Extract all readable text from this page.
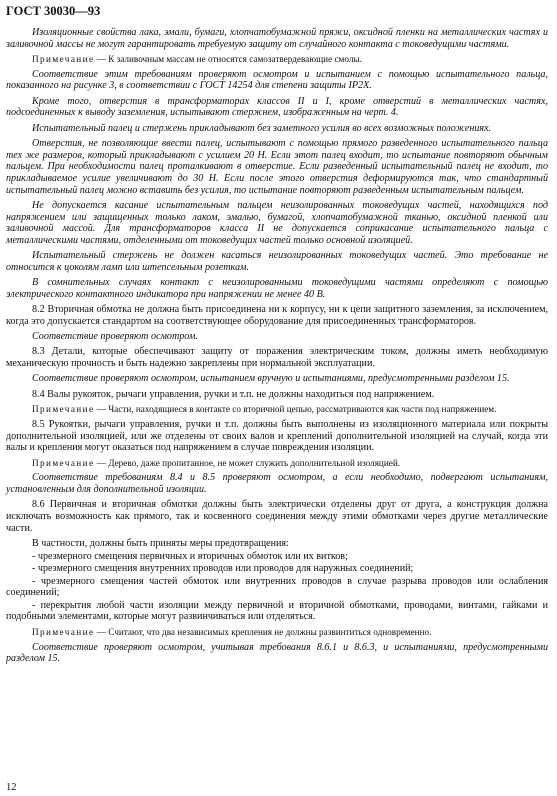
ГОСТ 30030—93

Изоляционные свойства лака, эмали, бумаги, хлопчатобумажной пряжи, оксидной пленки на металлических частях и заливочной массы не могут гарантировать требуемую защиту от случайного контакта с токоведущими частями.

Примечание — К заливочным массам не относятся самозатвердевающие смолы.

Соответствие этим требованиям проверяют осмотром и испытанием с помощью испытательного пальца, показанного на рисунке 3, в соответствии с ГОСТ 14254 для степени защиты IP2X.

Кроме того, отверстия в трансформаторах классов II и I, кроме отверстий в металлических частях, подсоединенных к выводу заземления, испытывают стержнем, изображенным на черт. 4.

Испытательный палец и стержень прикладывают без заметного усилия во всех возможных положениях.

Отверстия, не позволяющие ввести палец, испытывают с помощью прямого разведенного испытательного пальца тех же размеров, который прикладывают с усилием 20 Н. Если этот палец входит, то испытание повторяют обычным пальцем. При необходимости палец проталкивают в отверстие. Если разведенный испытательный палец не входит, то прикладываемое усилие увеличивают до 30 Н. Если после этого отверстия деформируются так, что стандартный испытательный палец можно вставить без усилия, то испытание повторяют разведенным испытательным пальцем.

Не допускается касание испытательным пальцем неизолированных токоведущих частей, находящихся под напряжением или защищенных только лаком, эмалью, бумагой, хлопчатобумажной тканью, оксидной пленкой или заливочной массой. Для трансформаторов класса II не допускается соприкасание испытательного пальца с металлическими частями, отделенными от токоведущих частей только основной изоляцией.

Испытательный стержень не должен касаться неизолированных токоведущих частей. Это требование не относится к цоколям ламп или штепсельным розеткам.

В сомнительных случаях контакт с неизолированными токоведущими частями определяют с помощью электрического контактного индикатора при напряжении не менее 40 В.

8.2 Вторичная обмотка не должна быть присоединена ни к корпусу, ни к цепи защитного заземления, за исключением, когда это допускается стандартом на соответствующее оборудование для присоединенных трансформаторов.

Соответствие проверяют осмотром.

8.3 Детали, которые обеспечивают защиту от поражения электрическим током, должны иметь необходимую механическую прочность и быть надежно закреплены при нормальной эксплуатации.

Соответствие проверяют осмотром, испытанием вручную и испытаниями, предусмотренными разделом 15.

8.4 Валы рукояток, рычаги управления, ручки и т.п. не должны находиться под напряжением.

Примечание — Части, находящиеся в контакте со вторичной цепью, рассматриваются как части под напряжением.

8.5 Рукоятки, рычаги управления, ручки и т.п. должны быть выполнены из изоляционного материала или покрыты дополнительной изоляцией, или же отделены от своих валов и креплений дополнительной изоляцией на случай, когда эти валы и крепления могут оказаться под напряжением в случае повреждения изоляции.

Примечание — Дерево, даже пропитанное, не может служить дополнительной изоляцией.

Соответствие требованиям 8.4 и 8.5 проверяют осмотром, а если необходимо, подвергают испытаниям, установленным для дополнительной изоляции.

8.6 Первичная и вторичная обмотки должны быть электрически отделены друг от друга, а конструкция должна исключать возможность как прямого, так и косвенного соединения между этими обмотками через другие металлические части.

В частности, должны быть приняты меры предотвращения:

- чрезмерного смещения первичных и вторичных обмоток или их витков;

- чрезмерного смещения внутренних проводов или проводов для наружных соединений;

- чрезмерного смещения частей обмоток или внутренних проводов в случае разрыва проводов или ослабления соединений;

- перекрытия любой части изоляции между первичной и вторичной обмотками, проводами, винтами, гайками и подобными элементами, которые могут развинчиваться или отделяться.

Примечание — Считают, что два независимых крепления не должны развинтиться одновременно.

Соответствие проверяют осмотром, учитывая требования 8.6.1 и 8.6.3, и испытаниями, предусмотренными разделом 15.

12
